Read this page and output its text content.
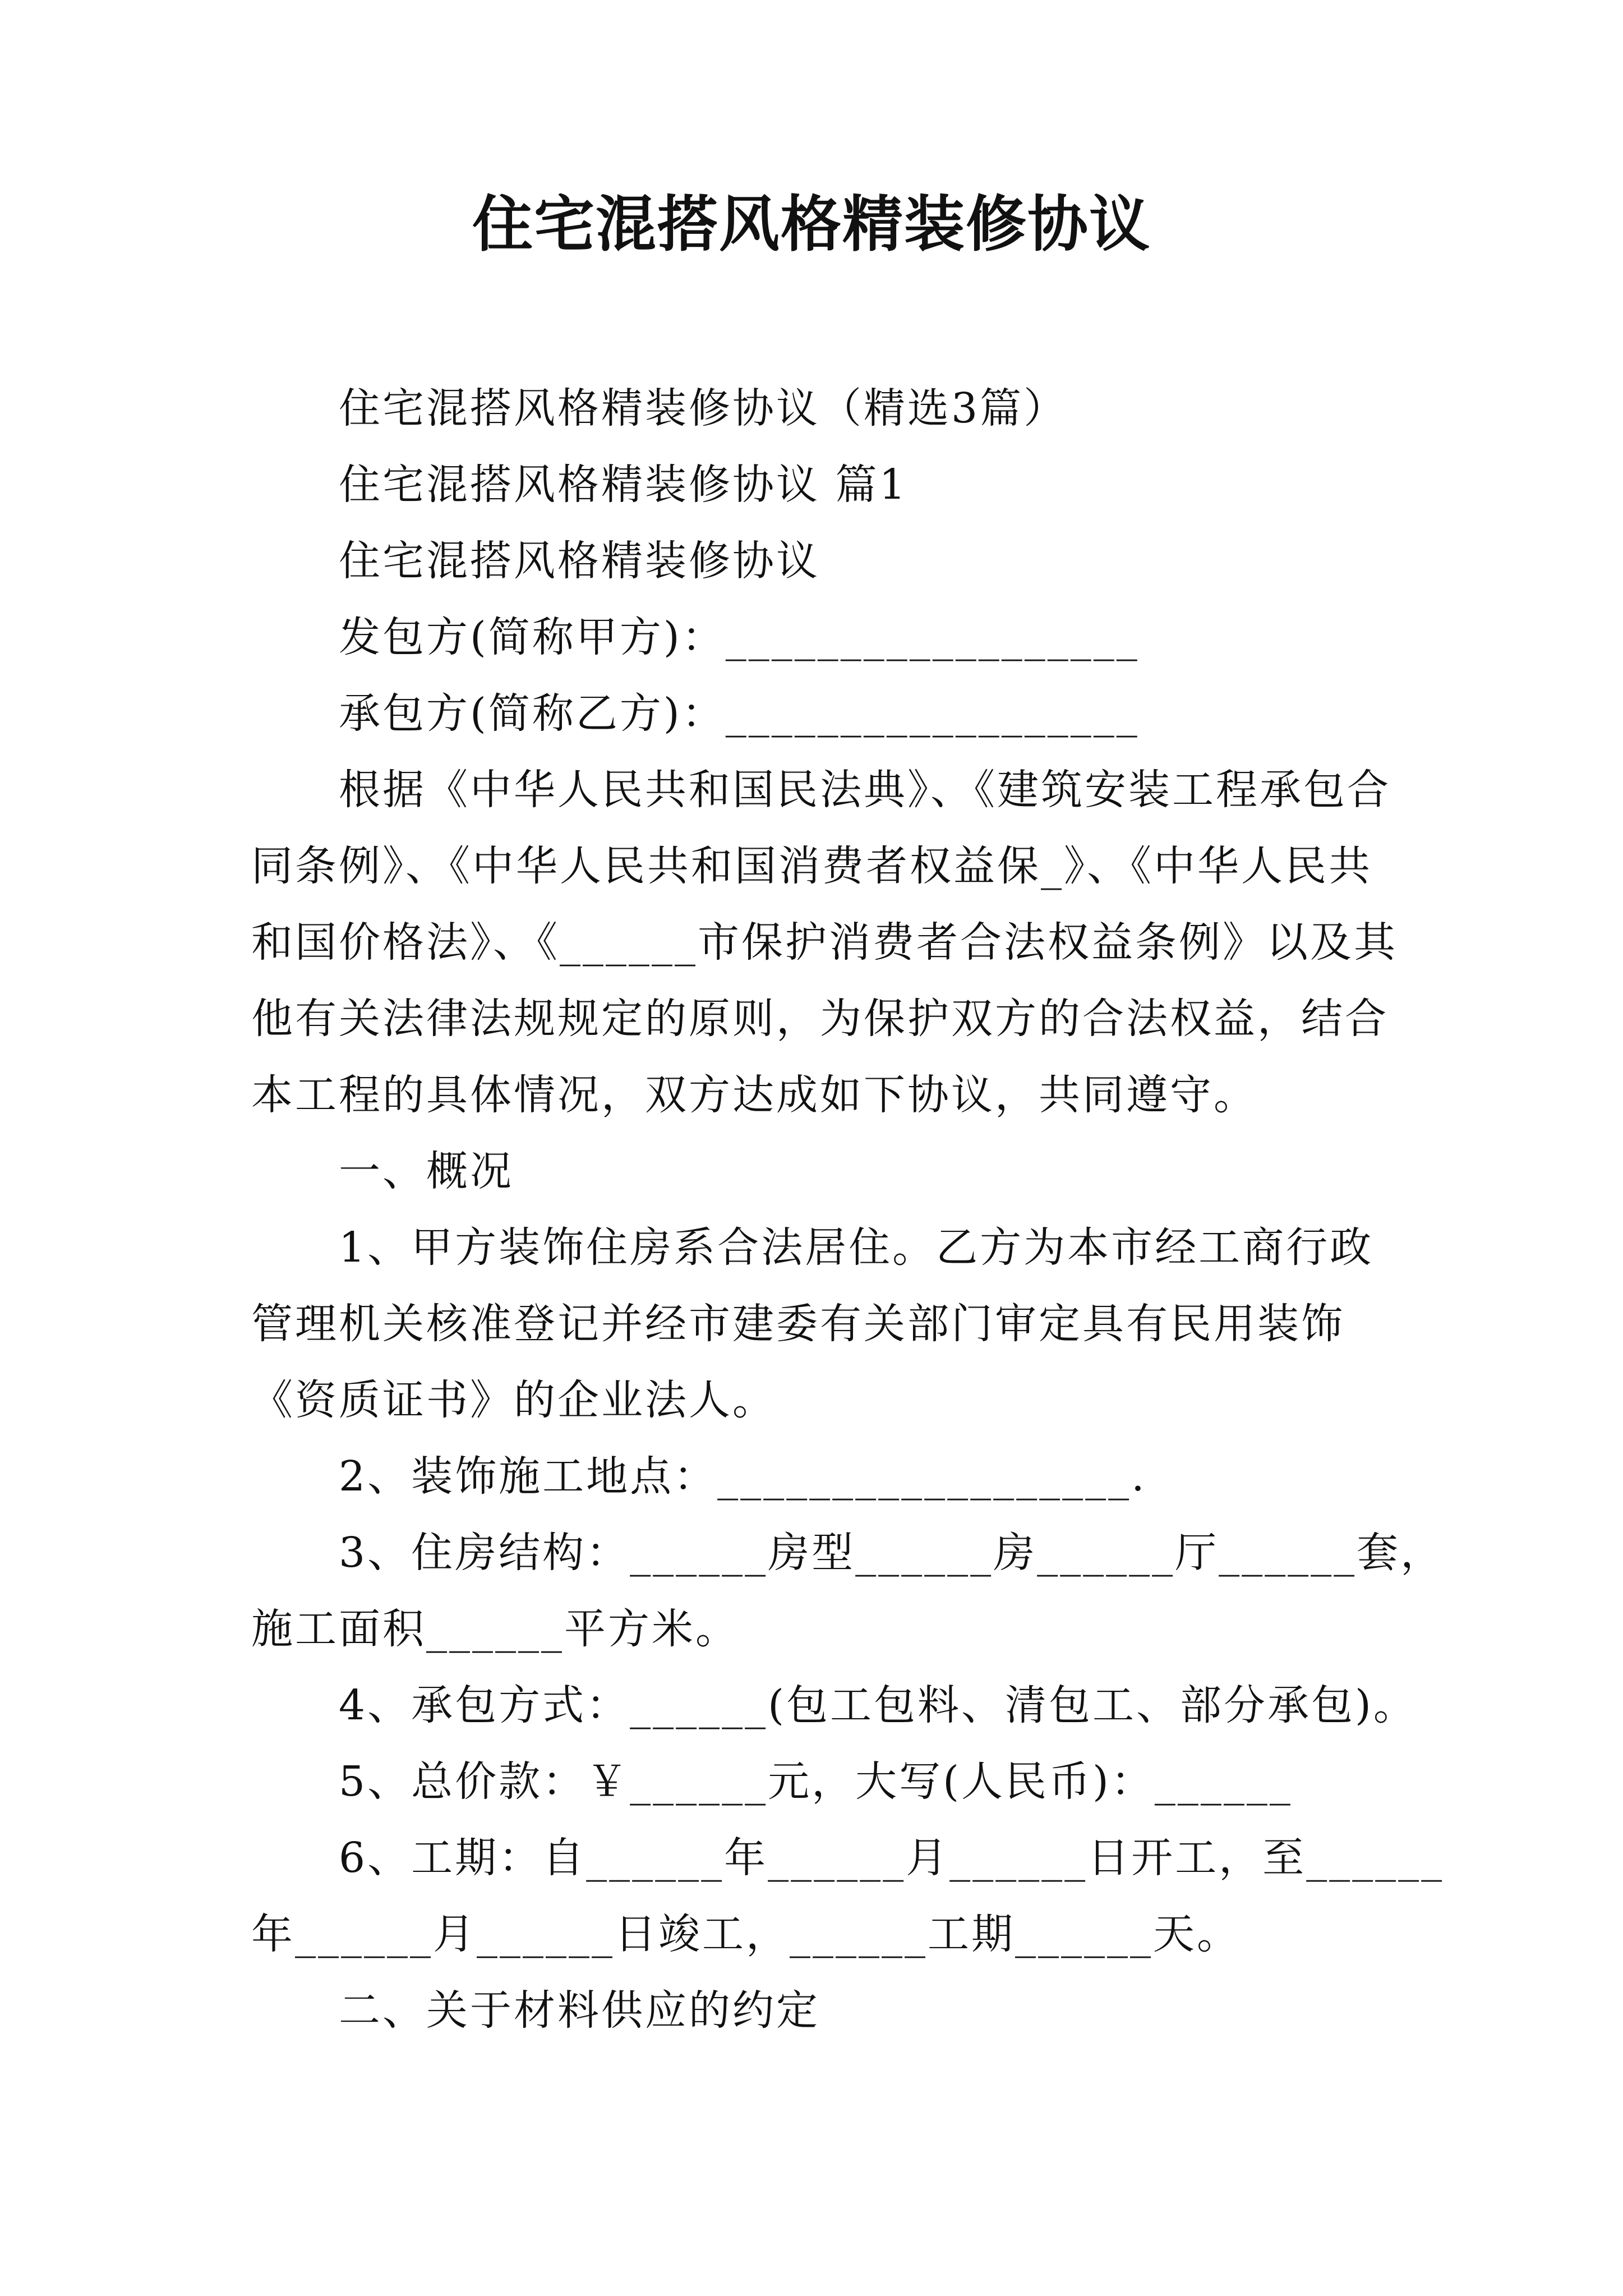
住宅混搭风格精装修协议
住宅混搭风格精装修协议（精选3篇）
住宅混搭风格精装修协议 篇1
住宅混搭风格精装修协议
发包方(简称甲方)：__________________
承包方(简称乙方)：__________________
根据《中华人民共和国民法典》、《建筑安装工程承包合
同条例》、《中华人民共和国消费者权益保_》、《中华人民共
和国价格法》、《______市保护消费者合法权益条例》以及其
他有关法律法规规定的原则，为保护双方的合法权益，结合
本工程的具体情况，双方达成如下协议，共同遵守。
一、概况
1、甲方装饰住房系合法居住。乙方为本市经工商行政
管理机关核准登记并经市建委有关部门审定具有民用装饰
《资质证书》的企业法人。
2、装饰施工地点：__________________.
3、住房结构：______房型______房______厅______套，
施工面积______平方米。
4、承包方式：______(包工包料、清包工、部分承包)。
5、总价款：￥______元，大写(人民币)：______
6、工期：自______年______月______日开工，至______
年______月______日竣工，______工期______天。
二、关于材料供应的约定
